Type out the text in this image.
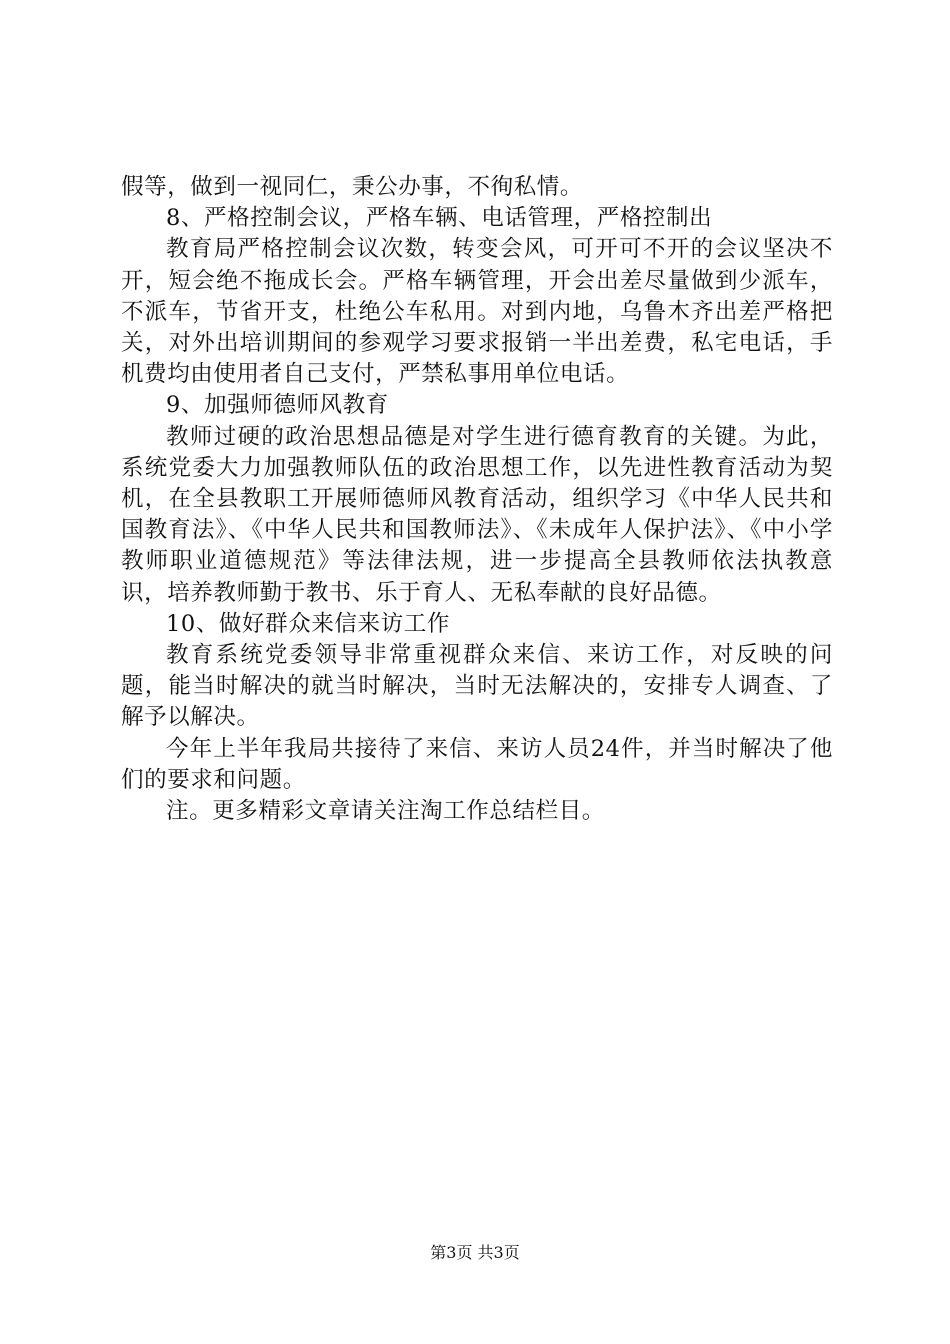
假等，做到一视同仁，秉公办事，不徇私情。

8、严格控制会议，严格车辆、电话管理，严格控制出

教育局严格控制会议次数，转变会风，可开可不开的会议坚决不开，短会绝不拖成长会。严格车辆管理，开会出差尽量做到少派车，不派车，节省开支，杜绝公车私用。对到内地，乌鲁木齐出差严格把关，对外出培训期间的参观学习要求报销一半出差费，私宅电话，手机费均由使用者自己支付，严禁私事用单位电话。

9、加强师德师风教育

教师过硬的政治思想品德是对学生进行德育教育的关键。为此，系统党委大力加强教师队伍的政治思想工作，以先进性教育活动为契机，在全县教职工开展师德师风教育活动，组织学习《中华人民共和国教育法》、《中华人民共和国教师法》、《未成年人保护法》、《中小学教师职业道德规范》等法律法规，进一步提高全县教师依法执教意识，培养教师勤于教书、乐于育人、无私奉献的良好品德。

10、做好群众来信来访工作

教育系统党委领导非常重视群众来信、来访工作，对反映的问题，能当时解决的就当时解决，当时无法解决的，安排专人调查、了解予以解决。

今年上半年我局共接待了来信、来访人员24件，并当时解决了他们的要求和问题。

注。更多精彩文章请关注淘工作总结栏目。

第3页 共3页
